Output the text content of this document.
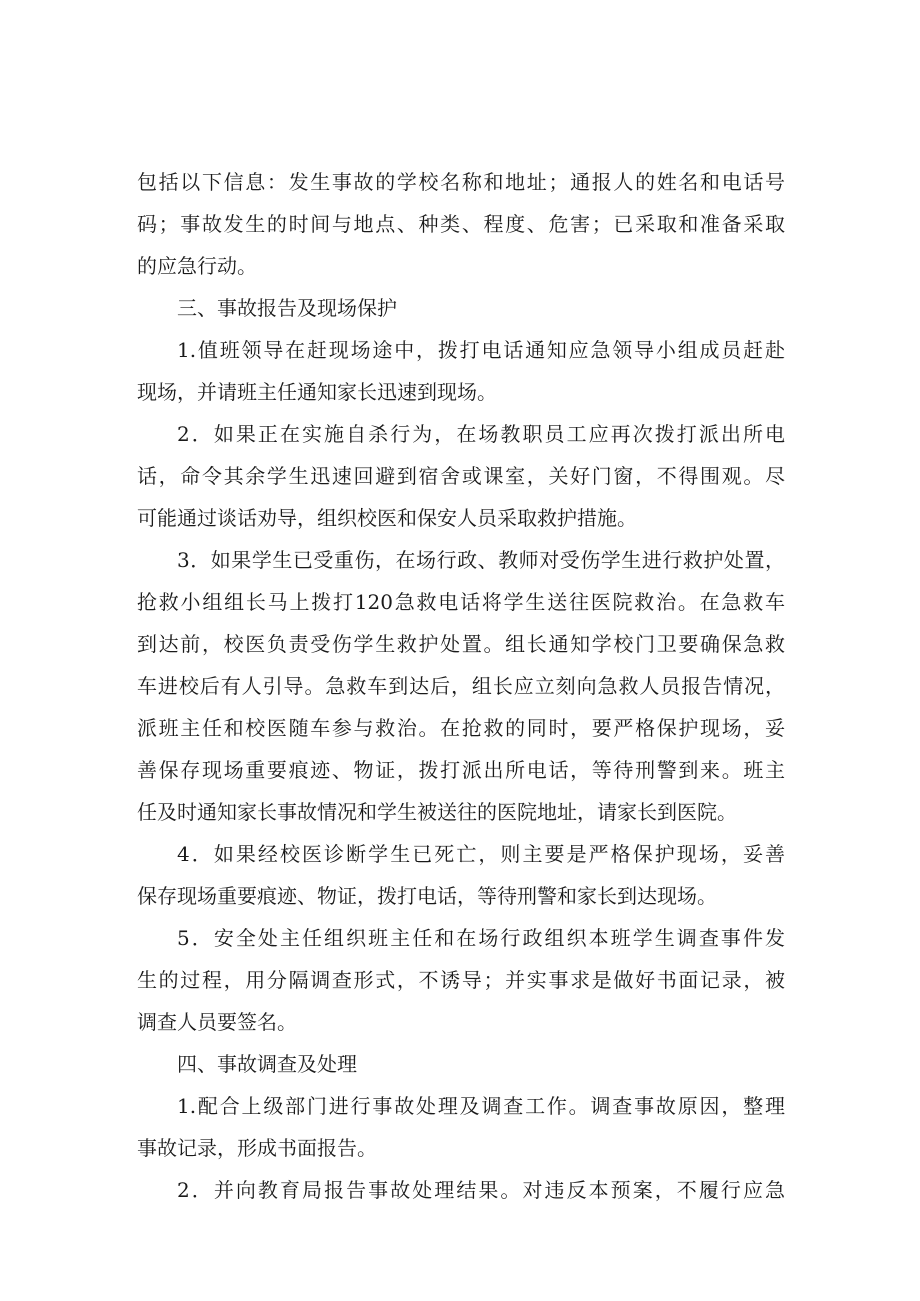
包括以下信息：发生事故的学校名称和地址；通报人的姓名和电话号
码；事故发生的时间与地点、种类、程度、危害；已采取和准备采取
的应急行动。
三、事故报告及现场保护
1.值班领导在赶现场途中，拨打电话通知应急领导小组成员赶赴
现场，并请班主任通知家长迅速到现场。
2．如果正在实施自杀行为，在场教职员工应再次拨打派出所电
话，命令其余学生迅速回避到宿舍或课室，关好门窗，不得围观。尽
可能通过谈话劝导，组织校医和保安人员采取救护措施。
3．如果学生已受重伤，在场行政、教师对受伤学生进行救护处置，
抢救小组组长马上拨打120急救电话将学生送往医院救治。在急救车
到达前，校医负责受伤学生救护处置。组长通知学校门卫要确保急救
车进校后有人引导。急救车到达后，组长应立刻向急救人员报告情况，
派班主任和校医随车参与救治。在抢救的同时，要严格保护现场，妥
善保存现场重要痕迹、物证，拨打派出所电话，等待刑警到来。班主
任及时通知家长事故情况和学生被送往的医院地址，请家长到医院。
4．如果经校医诊断学生已死亡，则主要是严格保护现场，妥善
保存现场重要痕迹、物证，拨打电话，等待刑警和家长到达现场。
5．安全处主任组织班主任和在场行政组织本班学生调查事件发
生的过程，用分隔调查形式，不诱导；并实事求是做好书面记录，被
调查人员要签名。
四、事故调查及处理
1.配合上级部门进行事故处理及调查工作。调查事故原因，整理
事故记录，形成书面报告。
2．并向教育局报告事故处理结果。对违反本预案，不履行应急
